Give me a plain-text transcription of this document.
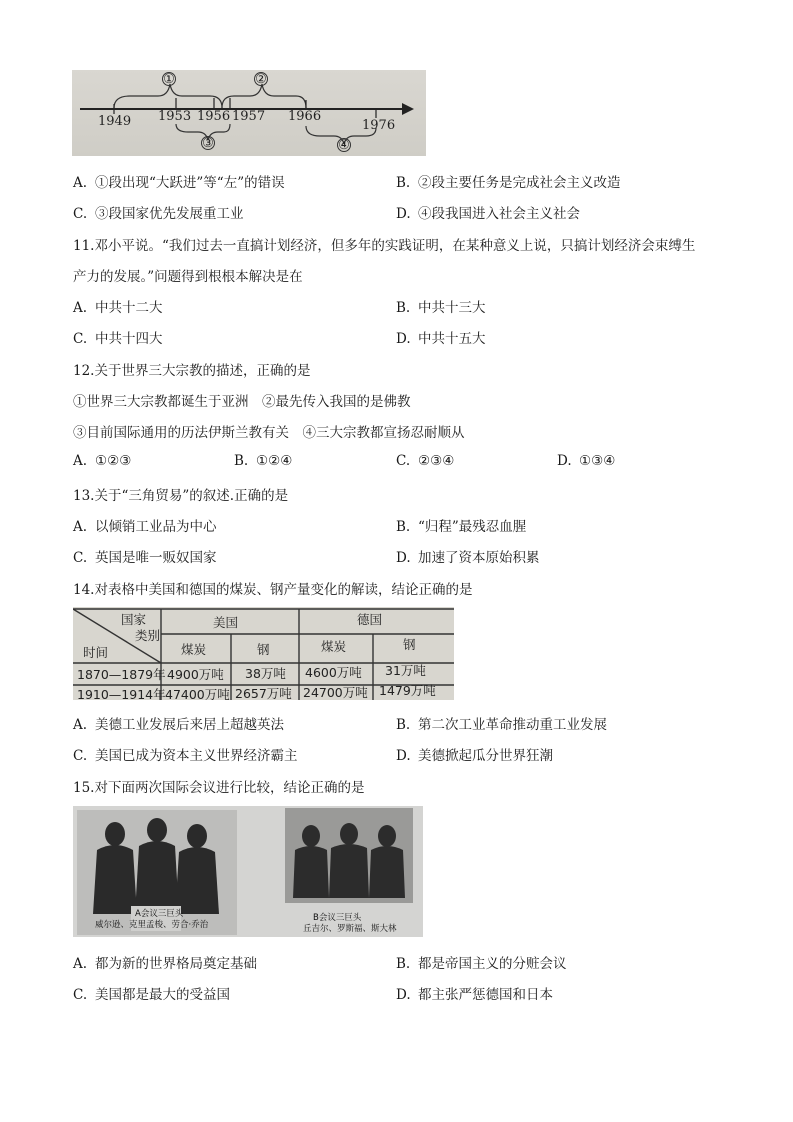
①	②
1949 1953 1956 1957 1966
1976
③	④
A. ①段出现“大跃进”等“左”的错误	B. ②段主要任务是完成社会主义改造
C. ③段国家优先发展重工业	D. ④段我国进入社会主义社会
11.邓小平说。“我们过去一直搞计划经济，但多年的实践证明，在某种意义上说，只搞计划经济会束缚生
产力的发展。”问题得到根根本解决是在
A. 中共十二大	B. 中共十三大
C. 中共十四大	D. 中共十五大
12.关于世界三大宗教的描述，正确的是
①世界三大宗教都诞生于亚洲　②最先传入我国的是佛教
③目前国际通用的历法伊斯兰教有关　④三大宗教都宣扬忍耐顺从
A. ①②③	B. ①②④	C. ②③④	D. ①③④
13.关于“三角贸易”的叙述.正确的是
A. 以倾销工业品为中心	B. “归程”最残忍血腥
C. 英国是唯一贩奴国家	D. 加速了资本原始积累
14.对表格中美国和德国的煤炭、钢产量变化的解读，结论正确的是
国家
类别
时间
美国	德国
煤炭	钢	煤炭	钢
1870—1879年 4900万吨 38万吨 4600万吨 31万吨
1910—1914年 47400万吨 2657万吨 24700万吨 1479万吨
A. 美德工业发展后来居上超越英法	B. 第二次工业革命推动重工业发展
C. 美国已成为资本主义世界经济霸主	D. 美德掀起瓜分世界狂潮
15.对下面两次国际会议进行比较，结论正确的是
A会议三巨头
威尔逊、克里孟梭、劳合·乔治
B会议三巨头
丘吉尔、罗斯福、斯大林
A. 都为新的世界格局奠定基础	B. 都是帝国主义的分赃会议
C. 美国都是最大的受益国	D. 都主张严惩德国和日本
